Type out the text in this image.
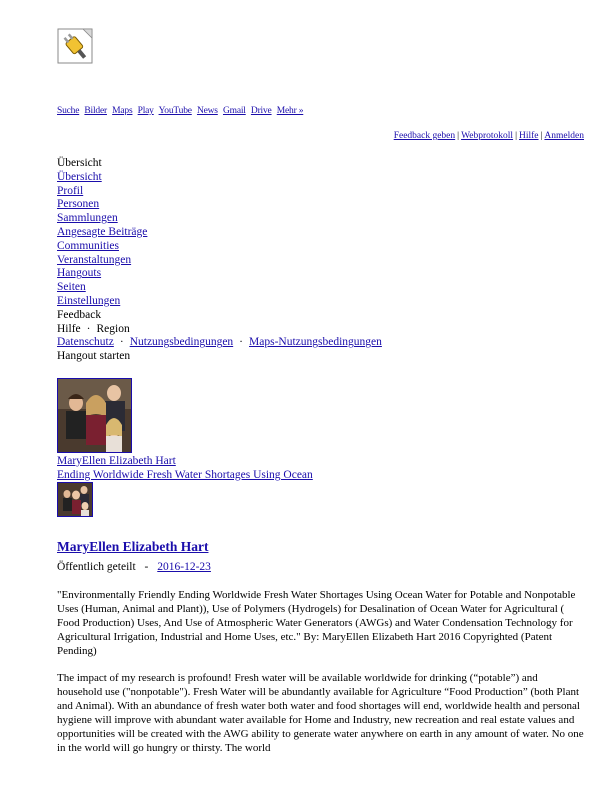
Suche Bilder Maps Play YouTube News Gmail Drive Mehr »
Feedback geben | Webprotokoll | Hilfe | Anmelden
Übersicht
Übersicht
Profil
Personen
Sammlungen
Angesagte Beiträge
Communities
Veranstaltungen
Hangouts
Seiten
Einstellungen
Feedback
Hilfe · Region
Datenschutz · Nutzungsbedingungen · Maps-Nutzungsbedingungen
Hangout starten
MaryEllen Elizabeth Hart
Ending Worldwide Fresh Water Shortages Using Ocean
MaryEllen Elizabeth Hart
Öffentlich geteilt - 2016-12-23
"Environmentally Friendly Ending Worldwide Fresh Water Shortages Using Ocean Water for Potable and Nonpotable Uses (Human, Animal and Plant)), Use of Polymers (Hydrogels) for Desalination of Ocean Water for Agricultural ( Food Production) Uses, And Use of Atmospheric Water Generators (AWGs) and Water Condensation Technology for Agricultural Irrigation, Industrial and Home Uses, etc." By: MaryEllen Elizabeth Hart 2016 Copyrighted (Patent Pending)
The impact of my research is profound! Fresh water will be available worldwide for drinking (“potable”) and household use ("nonpotable"). Fresh Water will be abundantly available for Agriculture “Food Production” (both Plant and Animal). With an abundance of fresh water both water and food shortages will end, worldwide health and personal hygiene will improve with abundant water available for Home and Industry, new recreation and real estate values and opportunities will be created with the AWG ability to generate water anywhere on earth in any amount of water. No one in the world will go hungry or thirsty. The world
